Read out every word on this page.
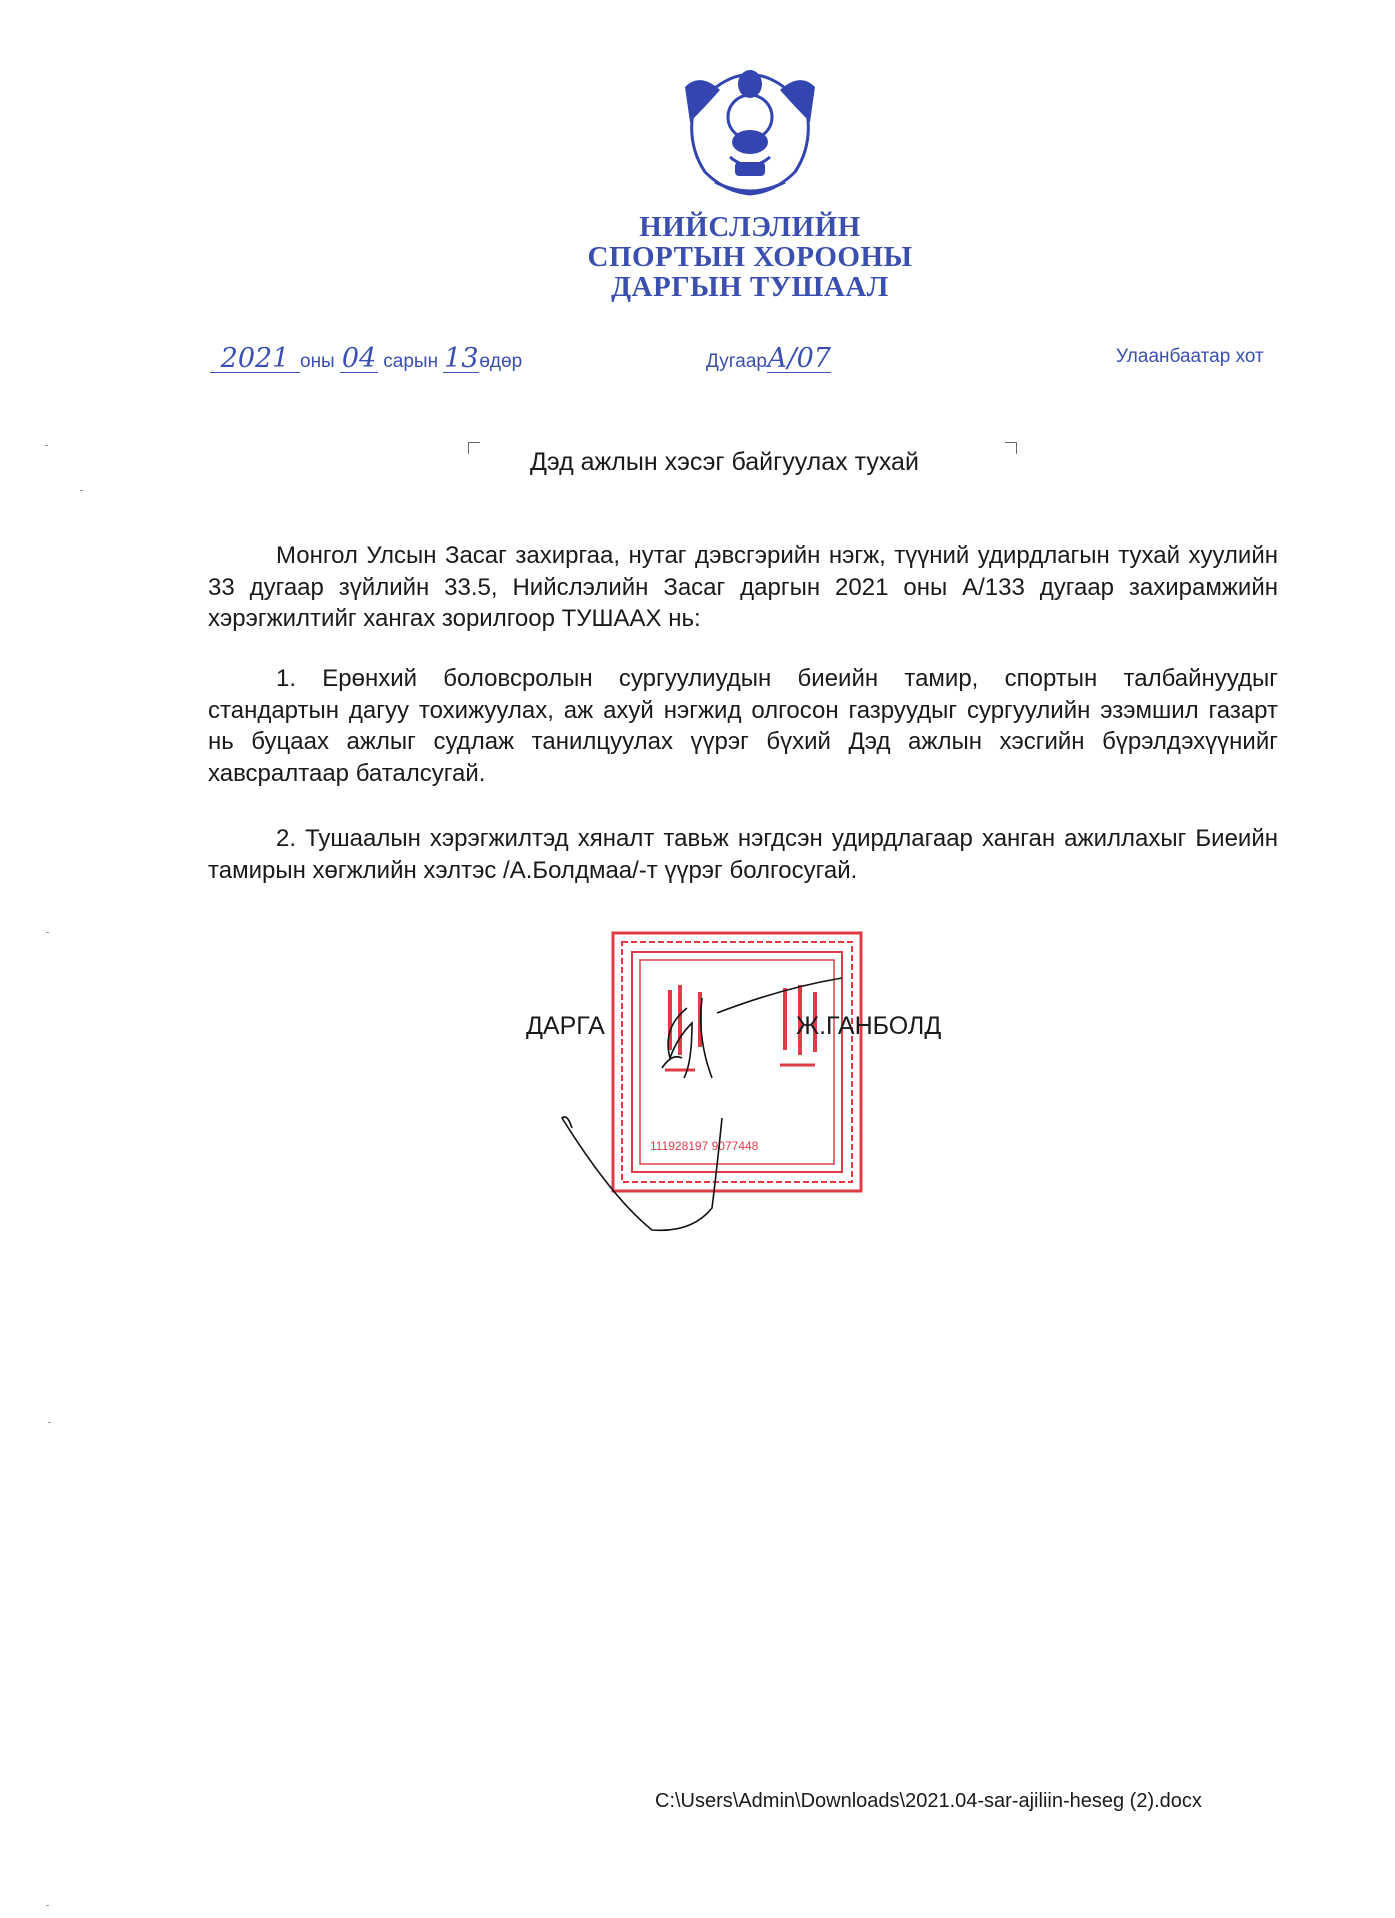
НИЙСЛЭЛИЙН
СПОРТЫН ХОРООНЫ
ДАРГЫН ТУШААЛ
2021 оны 04 сарын 13өдөр	ДугаарА/07	Улаанбаатар хот
Дэд ажлын хэсэг байгуулах тухай
Монгол Улсын Засаг захиргаа, нутаг дэвсгэрийн нэгж, түүний удирдлагын тухай хуулийн 33 дугаар зүйлийн 33.5, Нийслэлийн Засаг даргын 2021 оны А/133 дугаар захирамжийн хэрэгжилтийг хангах зорилгоор ТУШААХ нь:
1. Ерөнхий боловсролын сургуулиудын биеийн тамир, спортын талбайнуудыг стандартын дагуу тохижуулах, аж ахуй нэгжид олгосон газруудыг сургуулийн эзэмшил газарт нь буцаах ажлыг судлаж танилцуулах үүрэг бүхий Дэд ажлын хэсгийн бүрэлдэхүүнийг хавсралтаар баталсугай.
2. Тушаалын хэрэгжилтэд хяналт тавьж нэгдсэн удирдлагаар ханган ажиллахыг Биеийн тамирын хөгжлийн хэлтэс /А.Болдмаа/-т үүрэг болгосугай.
111928197 9077448
ДАРГА	Ж.ГАНБОЛД
C:\Users\Admin\Downloads\2021.04-sar-ajiliin-heseg (2).docx
